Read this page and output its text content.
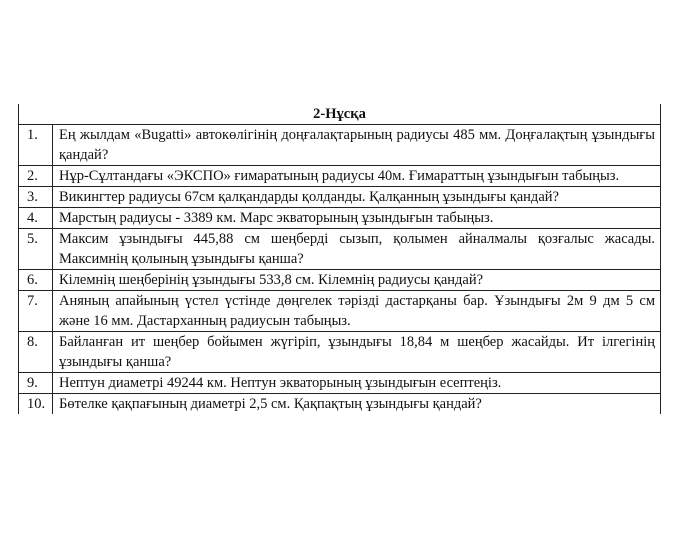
2-Нұсқа	
1.	Ең жылдам «Bugatti» автокөлігінің доңғалақтарының радиусы 485 мм. Доңғалақтың ұзындығы қандай?
2.	Нұр-Сұлтандағы «ЭКСПО» ғимаратының радиусы 40м. Ғимараттың ұзындығын табыңыз.
3.	Викингтер радиусы 67см қалқандарды қолданды. Қалқанның ұзындығы қандай?
4.	Марстың радиусы - 3389 км. Марс экваторының ұзындығын табыңыз.
5.	Максим ұзындығы 445,88 см шеңберді сызып, қолымен айналмалы қозғалыс жасады. Максимнің қолының ұзындығы қанша?
6.	Кілемнің шеңберінің ұзындығы 533,8 см. Кілемнің радиусы қандай?
7.	Аняның апайының үстел үстінде дөңгелек тәрізді дастарқаны бар. Ұзындығы 2м 9 дм 5 см және 16 мм. Дастарханның радиусын табыңыз.
8.	Байланған ит шеңбер бойымен жүгіріп, ұзындығы 18,84 м шеңбер жасайды. Ит ілгегінің ұзындығы қанша?
9.	Нептун диаметрі 49244 км. Нептун экваторының ұзындығын есептеңіз.
10.	Бөтелке қақпағының диаметрі 2,5 см. Қақпақтың ұзындығы қандай?
